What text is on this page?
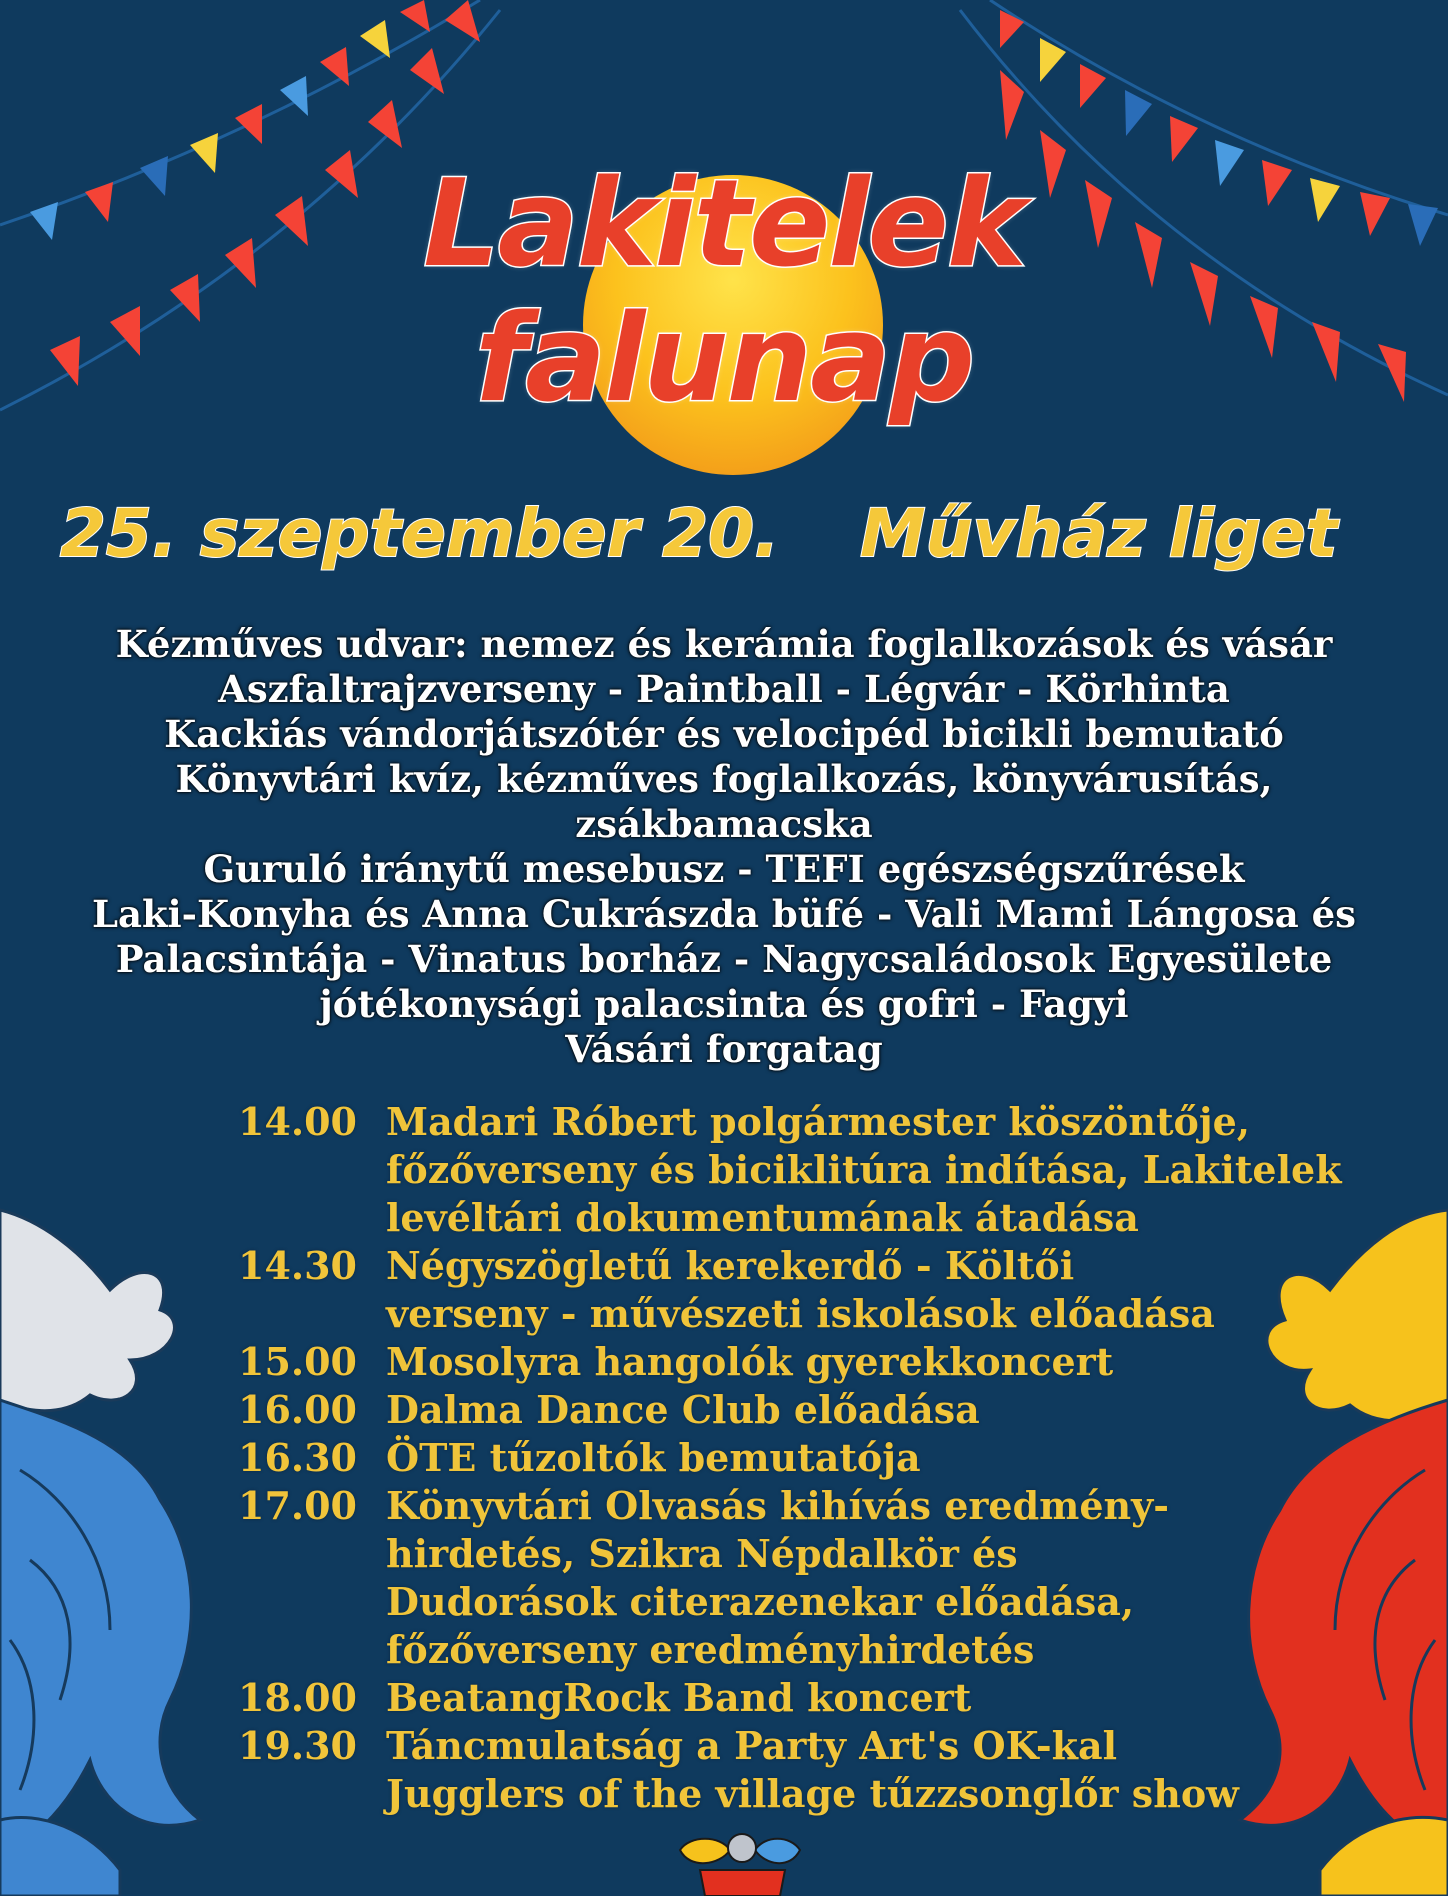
Lakitelek
falunap
25. szeptember 20. Művház liget
Kézműves udvar: nemez és kerámia foglalkozások és vásár
Aszfaltrajzverseny - Paintball - Légvár - Körhinta
Kackiás vándorjátszótér és velocipéd bicikli bemutató
Könyvtári kvíz, kézműves foglalkozás, könyvárusítás,
zsákbamacska
Guruló iránytű mesebusz - TEFI egészségszűrések
Laki-Konyha és Anna Cukrászda büfé - Vali Mami Lángosa és
Palacsintája - Vinatus borház - Nagycsaládosok Egyesülete
jótékonysági palacsinta és gofri - Fagyi
Vásári forgatag
14.00 Madari Róbert polgármester köszöntője,
főzőverseny és biciklitúra indítása, Lakitelek
levéltári dokumentumának átadása
14.30 Négyszögletű kerekerdő - Költői
verseny - művészeti iskolások előadása
15.00 Mosolyra hangolók gyerekkoncert
16.00 Dalma Dance Club előadása
16.30 ÖTE tűzoltók bemutatója
17.00 Könyvtári Olvasás kihívás eredmény-
hirdetés, Szikra Népdalkör és
Dudorások citerazenekar előadása,
főzőverseny eredményhirdetés
18.00 BeatangRock Band koncert
19.30 Táncmulatság a Party Art's OK-kal
Jugglers of the village tűzzsonglőr show
